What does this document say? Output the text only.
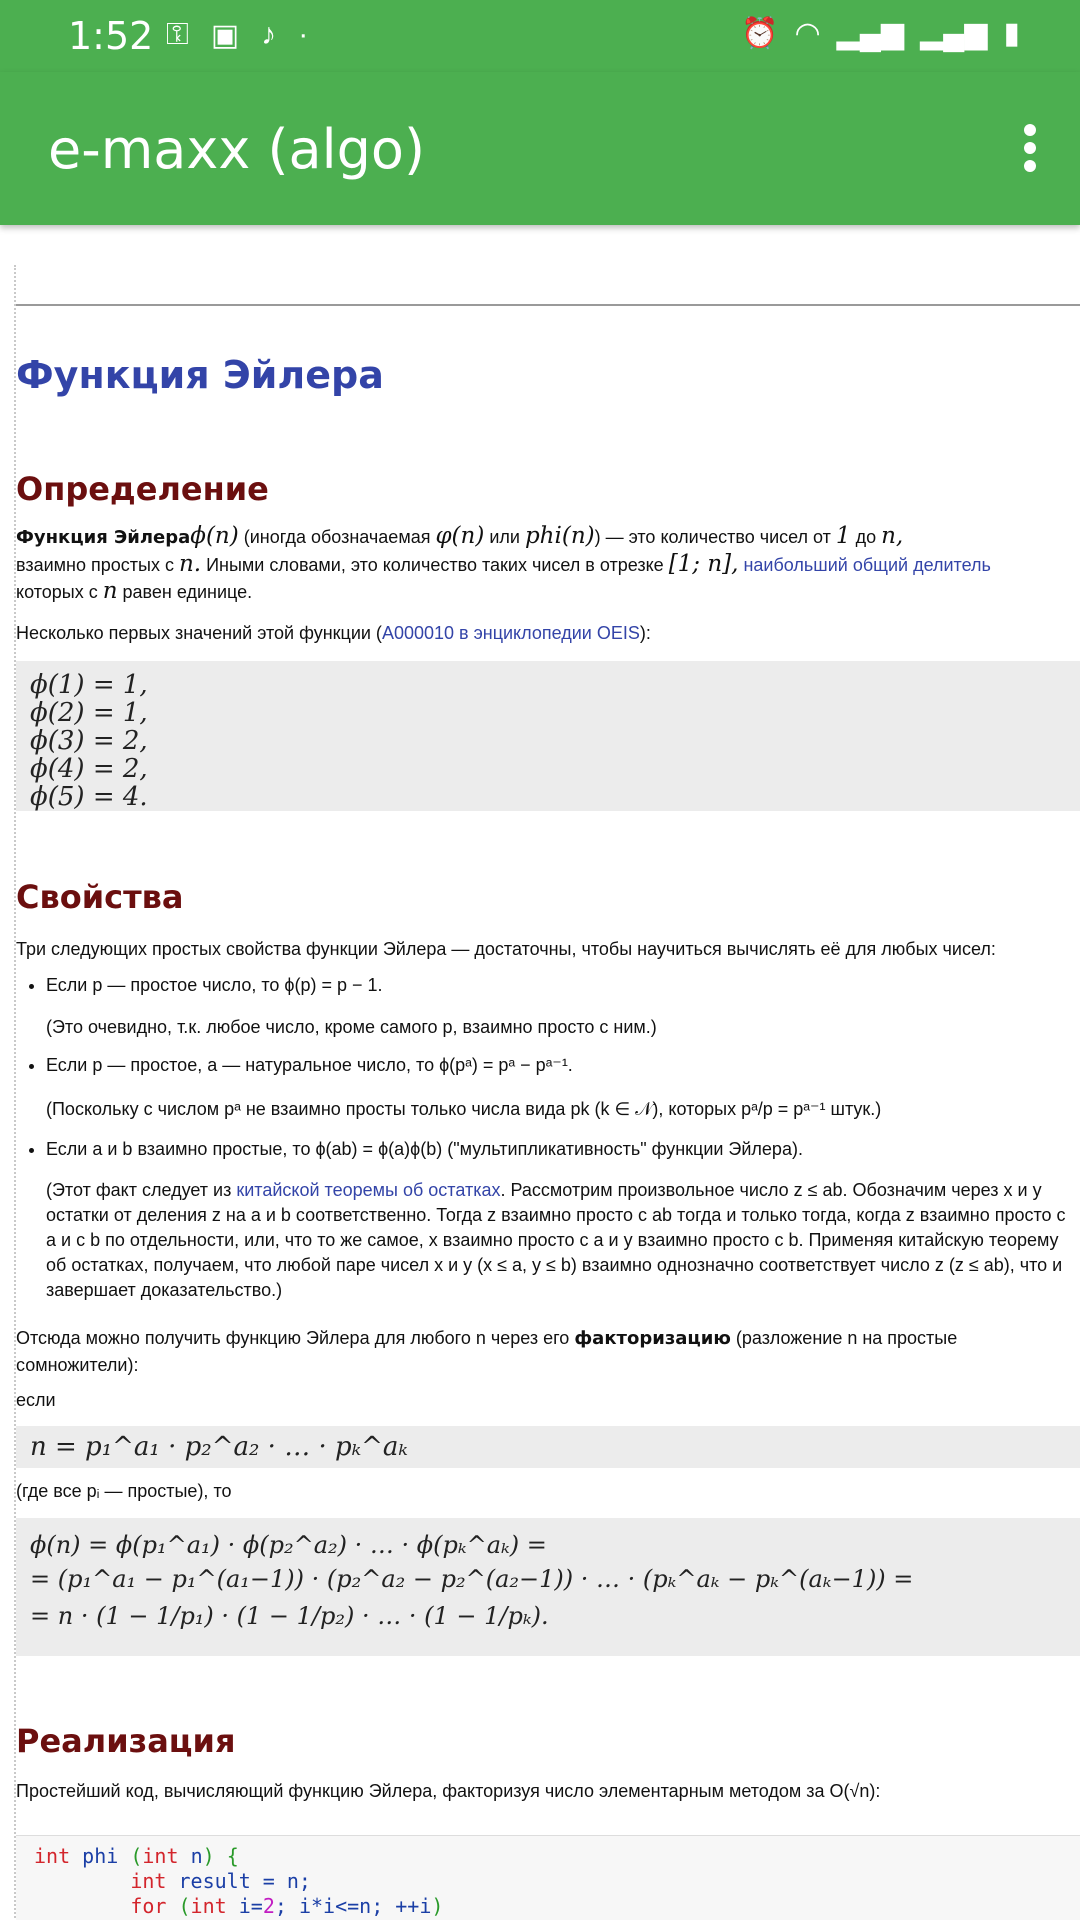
1:52 ⚿ ▣ ♪ ·	⏰ ◠ ▂▄▆ ▂▄▆ ▮
e-maxx (algo)
Функция Эйлера
Определение
Функция Эйлераϕ(n) (иногда обозначаемая φ(n) или phi(n)) — это количество чисел от 1 до n,
взаимно простых с n. Иными словами, это количество таких чисел в отрезке [1; n], наибольший общий делитель
которых с n равен единице.
Несколько первых значений этой функции (A000010 в энциклопедии OEIS):
ϕ(1) = 1,
ϕ(2) = 1,
ϕ(3) = 2,
ϕ(4) = 2,
ϕ(5) = 4.
Свойства
Три следующих простых свойства функции Эйлера — достаточны, чтобы научиться вычислять её для любых чисел:
• Если p — простое число, то ϕ(p) = p − 1.
(Это очевидно, т.к. любое число, кроме самого p, взаимно просто с ним.)
• Если p — простое, a — натуральное число, то ϕ(pᵃ) = pᵃ − pᵃ⁻¹.
(Поскольку с числом pᵃ не взаимно просты только числа вида pk (k ∈ 𝒩), которых pᵃ/p = pᵃ⁻¹ штук.)
• Если a и b взаимно простые, то ϕ(ab) = ϕ(a)ϕ(b) ("мультипликативность" функции Эйлера).
(Этот факт следует из китайской теоремы об остатках. Рассмотрим произвольное число z ≤ ab. Обозначим через x и y остатки от деления z на a и b соответственно. Тогда z взаимно просто с ab тогда и только тогда, когда z взаимно просто с a и с b по отдельности, или, что то же самое, x взаимно просто с a и y взаимно просто с b. Применяя китайскую теорему об остатках, получаем, что любой паре чисел x и y (x ≤ a, y ≤ b) взаимно однозначно соответствует число z (z ≤ ab), что и завершает доказательство.)
Отсюда можно получить функцию Эйлера для любого n через его факторизацию (разложение n на простые сомножители):
если
n = p₁^a₁ · p₂^a₂ · … · pₖ^aₖ
(где все pᵢ — простые), то
ϕ(n) = ϕ(p₁^a₁) · ϕ(p₂^a₂) · … · ϕ(pₖ^aₖ) =
= (p₁^a₁ − p₁^(a₁−1)) · (p₂^a₂ − p₂^(a₂−1)) · … · (pₖ^aₖ − pₖ^(aₖ−1)) =
= n · (1 − 1/p₁) · (1 − 1/p₂) · … · (1 − 1/pₖ).
Реализация
Простейший код, вычисляющий функцию Эйлера, факторизуя число элементарным методом за O(√n):
int phi (int n) {
int result = n;
for (int i=2; i*i<=n; ++i)
